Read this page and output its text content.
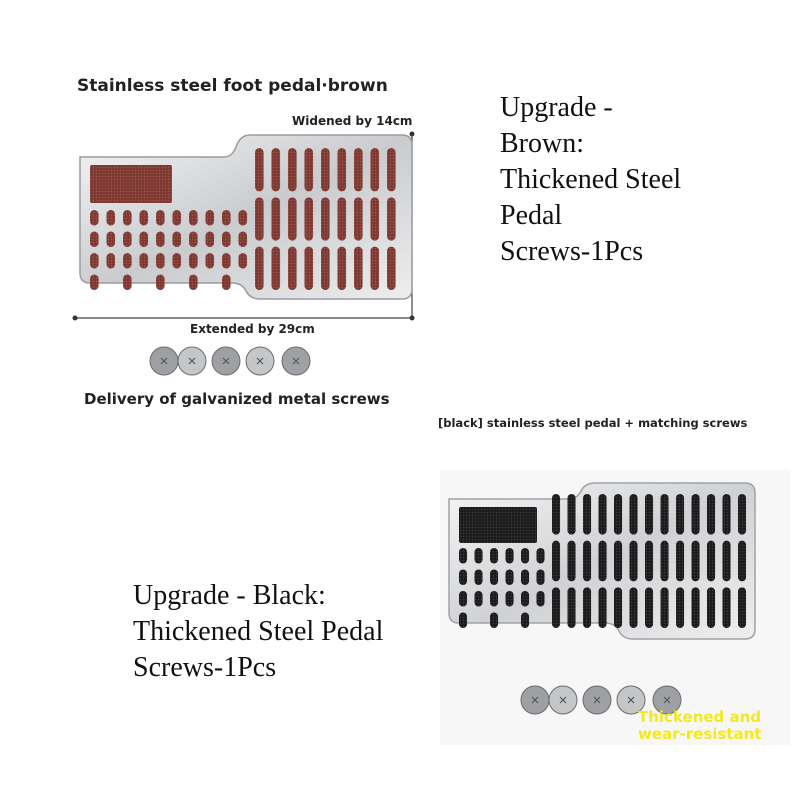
Stainless steel foot pedal·brown
Widened by 14cm
Extended by 29cm
Delivery of galvanized metal screws
Upgrade -
Brown:
Thickened Steel
Pedal
Screws-1Pcs
[black] stainless steel pedal + matching screws
Thickened and
wear-resistant
Upgrade - Black:
Thickened Steel Pedal
Screws-1Pcs
